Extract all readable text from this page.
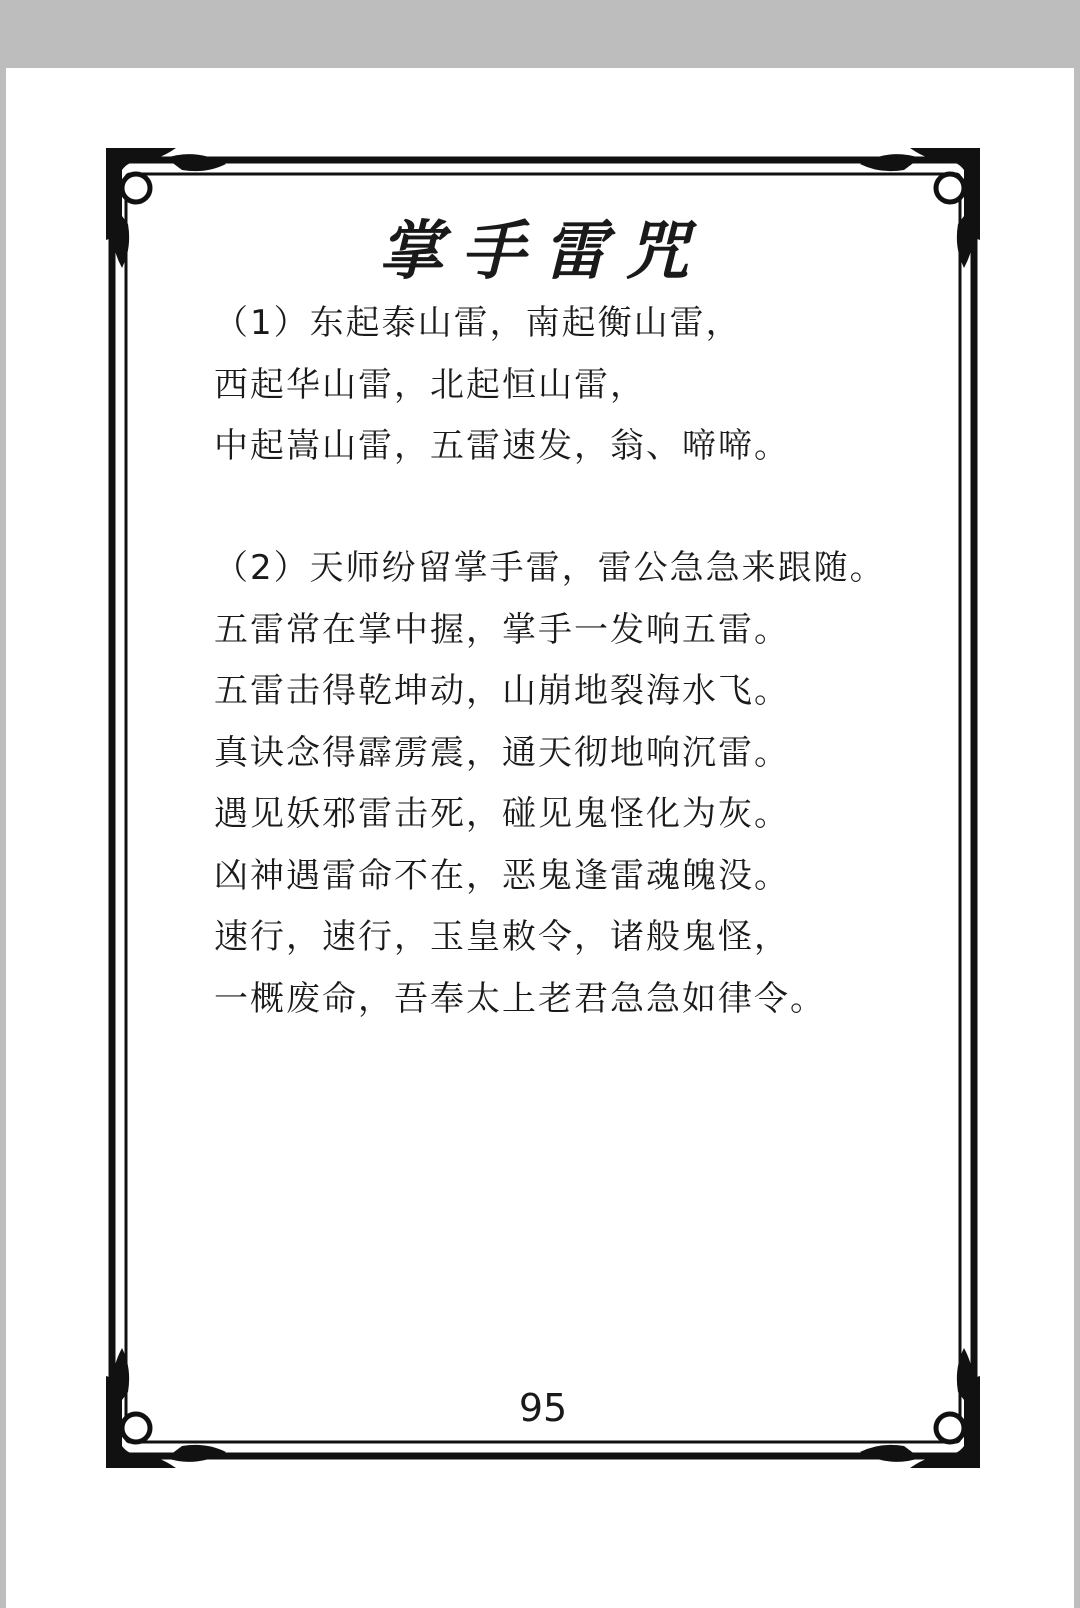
掌手雷咒
（1）东起泰山雷，南起衡山雷，
西起华山雷，北起恒山雷，
中起嵩山雷，五雷速发，翁、啼啼。
（2）天师纷留掌手雷，雷公急急来跟随。
五雷常在掌中握，掌手一发响五雷。
五雷击得乾坤动，山崩地裂海水飞。
真诀念得霹雳震，通天彻地响沉雷。
遇见妖邪雷击死，碰见鬼怪化为灰。
凶神遇雷命不在，恶鬼逢雷魂魄没。
速行，速行，玉皇敕令，诸般鬼怪，
一概废命，吾奉太上老君急急如律令。
95
